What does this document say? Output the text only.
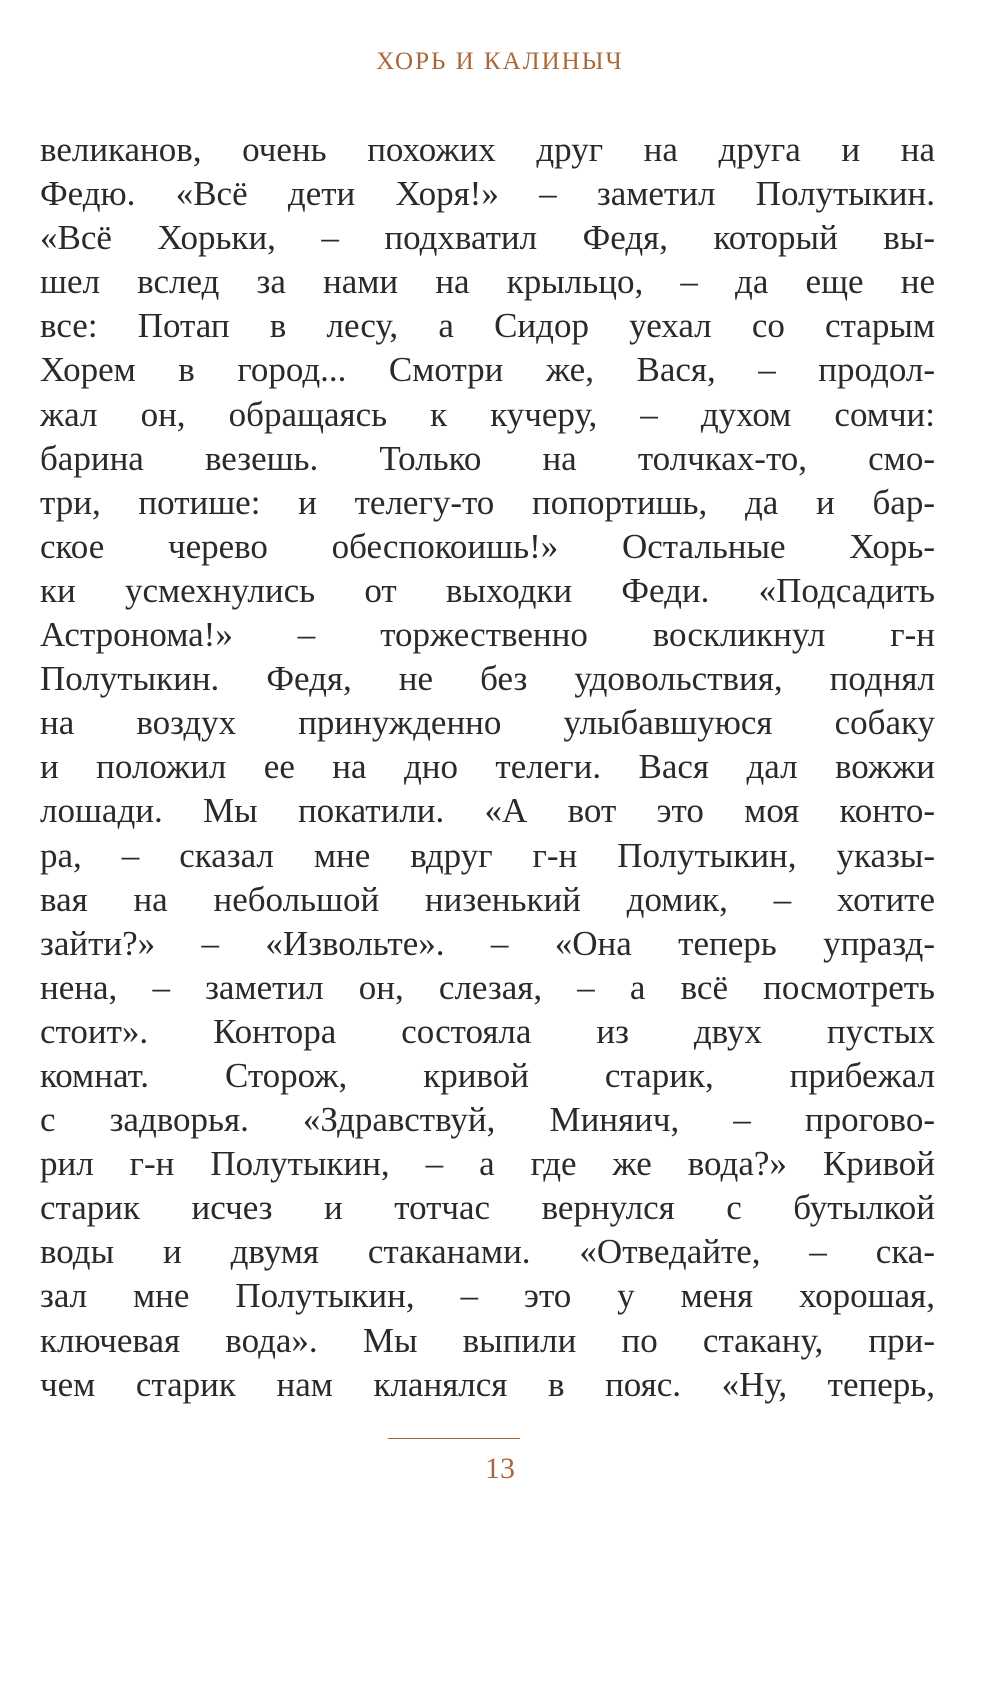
ХОРЬ И КАЛИНЫЧ
великанов, очень похожих друг на друга и на
Федю. «Всё дети Хоря!» – заметил Полутыкин.
«Всё Хорьки, – подхватил Федя, который вы-
шел вслед за нами на крыльцо, – да еще не
все: Потап в лесу, а Сидор уехал со старым
Хорем в город... Смотри же, Вася, – продол-
жал он, обращаясь к кучеру, – духом сомчи:
барина везешь. Только на толчках-то, смо-
три, потише: и телегу-то попортишь, да и бар-
ское черево обеспокоишь!» Остальные Хорь-
ки усмехнулись от выходки Феди. «Подсадить
Астронома!» – торжественно воскликнул г-н
Полутыкин. Федя, не без удовольствия, поднял
на воздух принужденно улыбавшуюся собаку
и положил ее на дно телеги. Вася дал вожжи
лошади. Мы покатили. «А вот это моя конто-
ра, – сказал мне вдруг г-н Полутыкин, указы-
вая на небольшой низенький домик, – хотите
зайти?» – «Извольте». – «Она теперь упразд-
нена, – заметил он, слезая, – а всё посмотреть
стоит». Контора состояла из двух пустых
комнат. Сторож, кривой старик, прибежал
с задворья. «Здравствуй, Миняич, – прогово-
рил г-н Полутыкин, – а где же вода?» Кривой
старик исчез и тотчас вернулся с бутылкой
воды и двумя стаканами. «Отведайте, – ска-
зал мне Полутыкин, – это у меня хорошая,
ключевая вода». Мы выпили по стакану, при-
чем старик нам кланялся в пояс. «Ну, теперь,
13
